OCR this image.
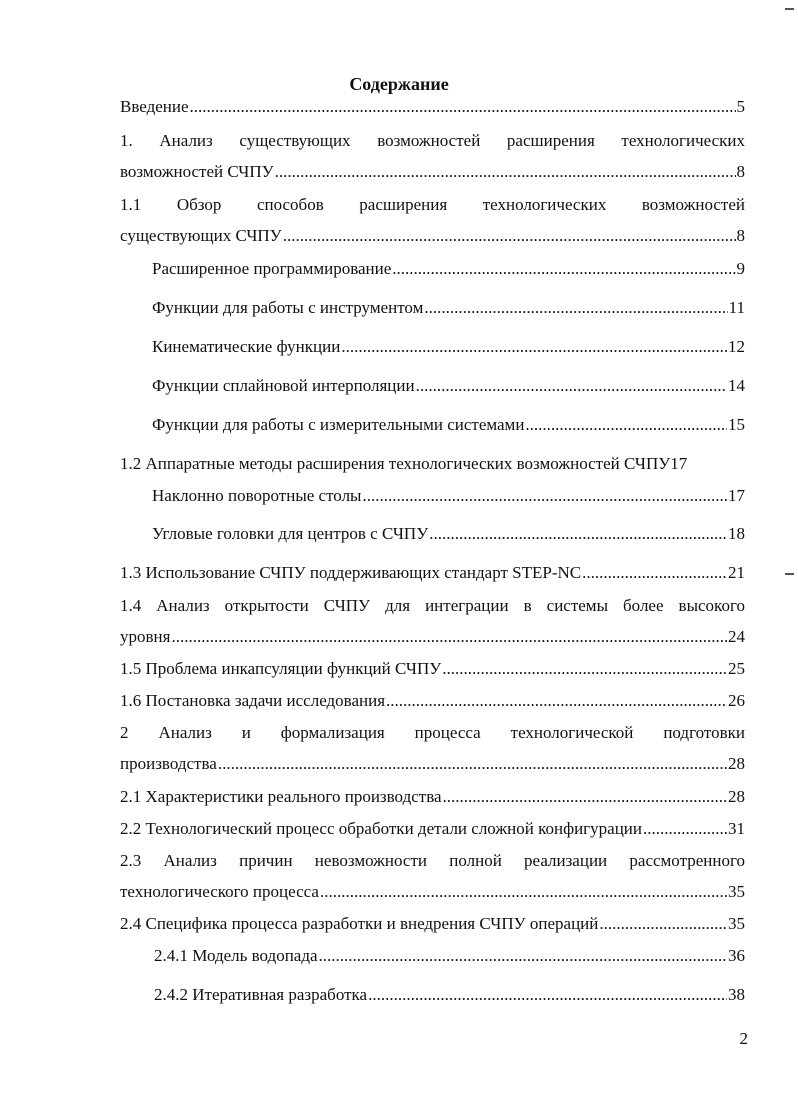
Содержание
Введение .....	5
1. Анализ существующих возможностей расширения технологических
возможностей СЧПУ .....	8
1.1 Обзор способов расширения технологических возможностей
существующих СЧПУ .....	8
Расширенное программирование .....	9
Функции для работы с инструментом .....	11
Кинематические функции .....	12
Функции сплайновой интерполяции .....	14
Функции для работы с измерительными системами .....	15
1.2 Аппаратные методы расширения технологических возможностей СЧПУ17
Наклонно поворотные столы .....	17
Угловые головки для центров с СЧПУ .....	18
1.3 Использование СЧПУ поддерживающих стандарт STEP-NC .....	21
1.4 Анализ открытости СЧПУ для интеграции в системы более высокого
уровня .....	24
1.5 Проблема инкапсуляции функций СЧПУ .....	25
1.6 Постановка задачи исследования .....	26
2 Анализ и формализация процесса технологической подготовки
производства .....	28
2.1 Характеристики реального производства .....	28
2.2 Технологический процесс обработки детали сложной конфигурации .....	31
2.3 Анализ причин невозможности полной реализации рассмотренного
технологического процесса .....	35
2.4 Специфика процесса разработки и внедрения СЧПУ операций .....	35
2.4.1 Модель водопада .....	36
2.4.2 Итеративная разработка .....	38
2
